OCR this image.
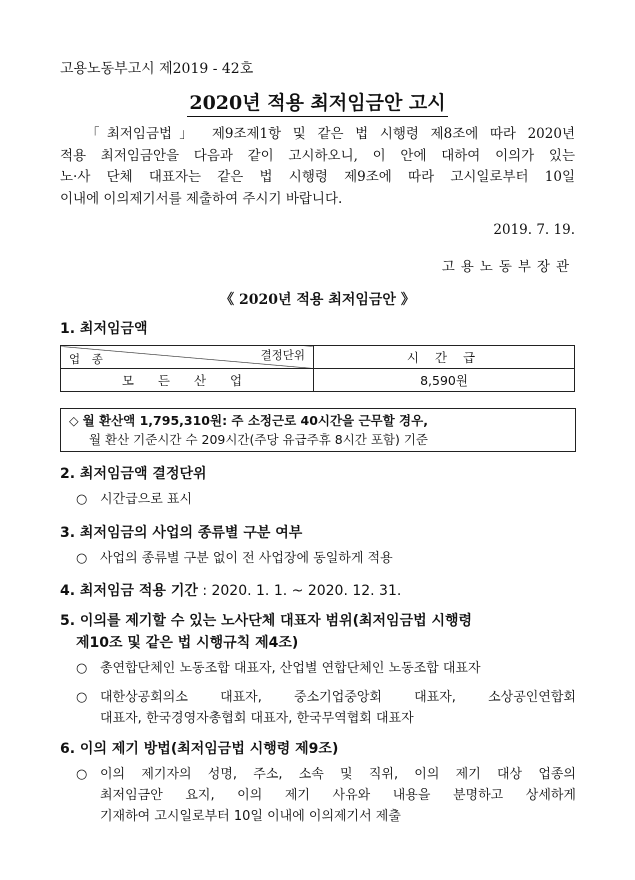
고용노동부고시 제2019 - 42호
2020년 적용 최저임금안 고시
「최저임금법」 제9조제1항 및 같은 법 시행령 제8조에 따라 2020년
적용 최저임금안을 다음과 같이 고시하오니, 이 안에 대하여 이의가 있는
노·사 단체 대표자는 같은 법 시행령 제9조에 따라 고시일로부터 10일
이내에 이의제기서를 제출하여 주시기 바랍니다.
2019. 7. 19.
고용노동부장관
《 2020년 적용 최저임금안 》
1. 최저임금액
결정단위
업 종	시 간 급
모 든 산 업	8,590원
◇ 월 환산액 1,795,310원: 주 소정근로 40시간을 근무할 경우,
월 환산 기준시간 수 209시간(주당 유급주휴 8시간 포함) 기준
2. 최저임금액 결정단위
○ 시간급으로 표시
3. 최저임금의 사업의 종류별 구분 여부
○ 사업의 종류별 구분 없이 전 사업장에 동일하게 적용
4. 최저임금 적용 기간 : 2020. 1. 1. ~ 2020. 12. 31.
5. 이의를 제기할 수 있는 노사단체 대표자 범위(최저임금법 시행령
제10조 및 같은 법 시행규칙 제4조)
○ 총연합단체인 노동조합 대표자, 산업별 연합단체인 노동조합 대표자
○ 대한상공회의소 대표자, 중소기업중앙회 대표자, 소상공인연합회
대표자, 한국경영자총협회 대표자, 한국무역협회 대표자
6. 이의 제기 방법(최저임금법 시행령 제9조)
○ 이의 제기자의 성명, 주소, 소속 및 직위, 이의 제기 대상 업종의
최저임금안 요지, 이의 제기 사유와 내용을 분명하고 상세하게
기재하여 고시일로부터 10일 이내에 이의제기서 제출
